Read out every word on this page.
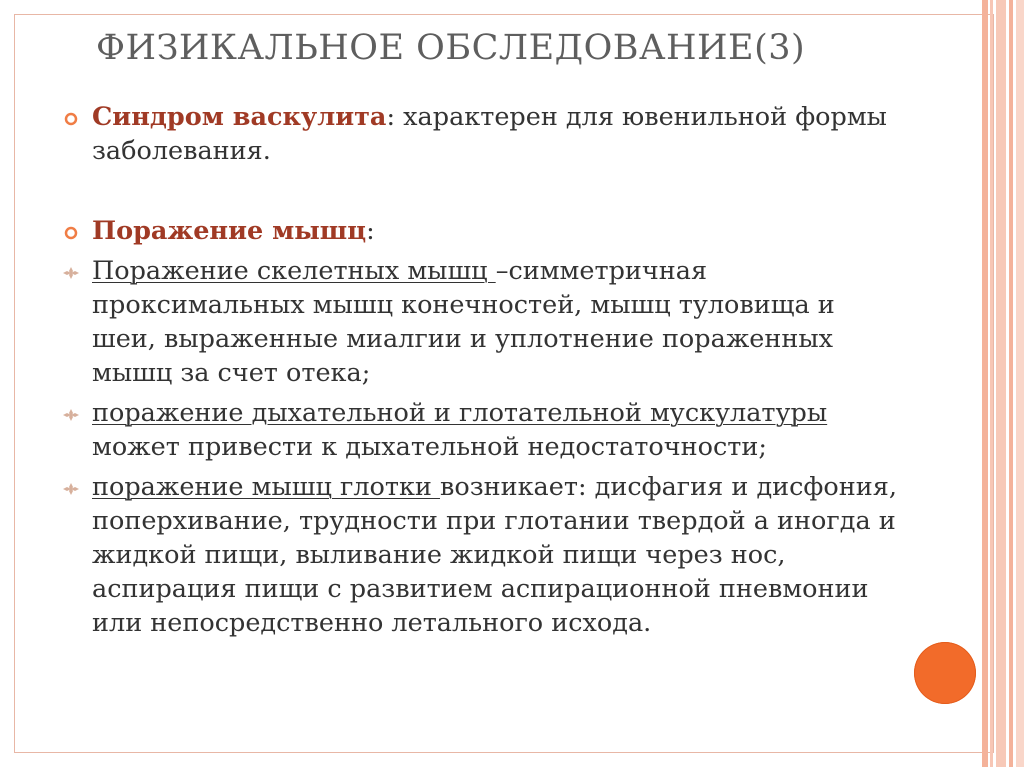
ФИЗИКАЛЬНОЕ ОБСЛЕДОВАНИЕ(3)
Синдром васкулита: характерен для ювенильной формы заболевания.
Поражение мышц:
Поражение скелетных мышц –симметричная проксимальных мышц конечностей, мышц туловища и шеи, выраженные миалгии и уплотнение пораженных мышц за счет отека;
поражение дыхательной и глотательной мускулатуры может привести к дыхательной недостаточности;
поражение мышц глотки возникает: дисфагия и дисфония, поперхивание, трудности при глотании твердой а иногда и жидкой пищи, выливание жидкой пищи через нос, аспирация пищи с развитием аспирационной пневмонии или непосредственно летального исхода.
